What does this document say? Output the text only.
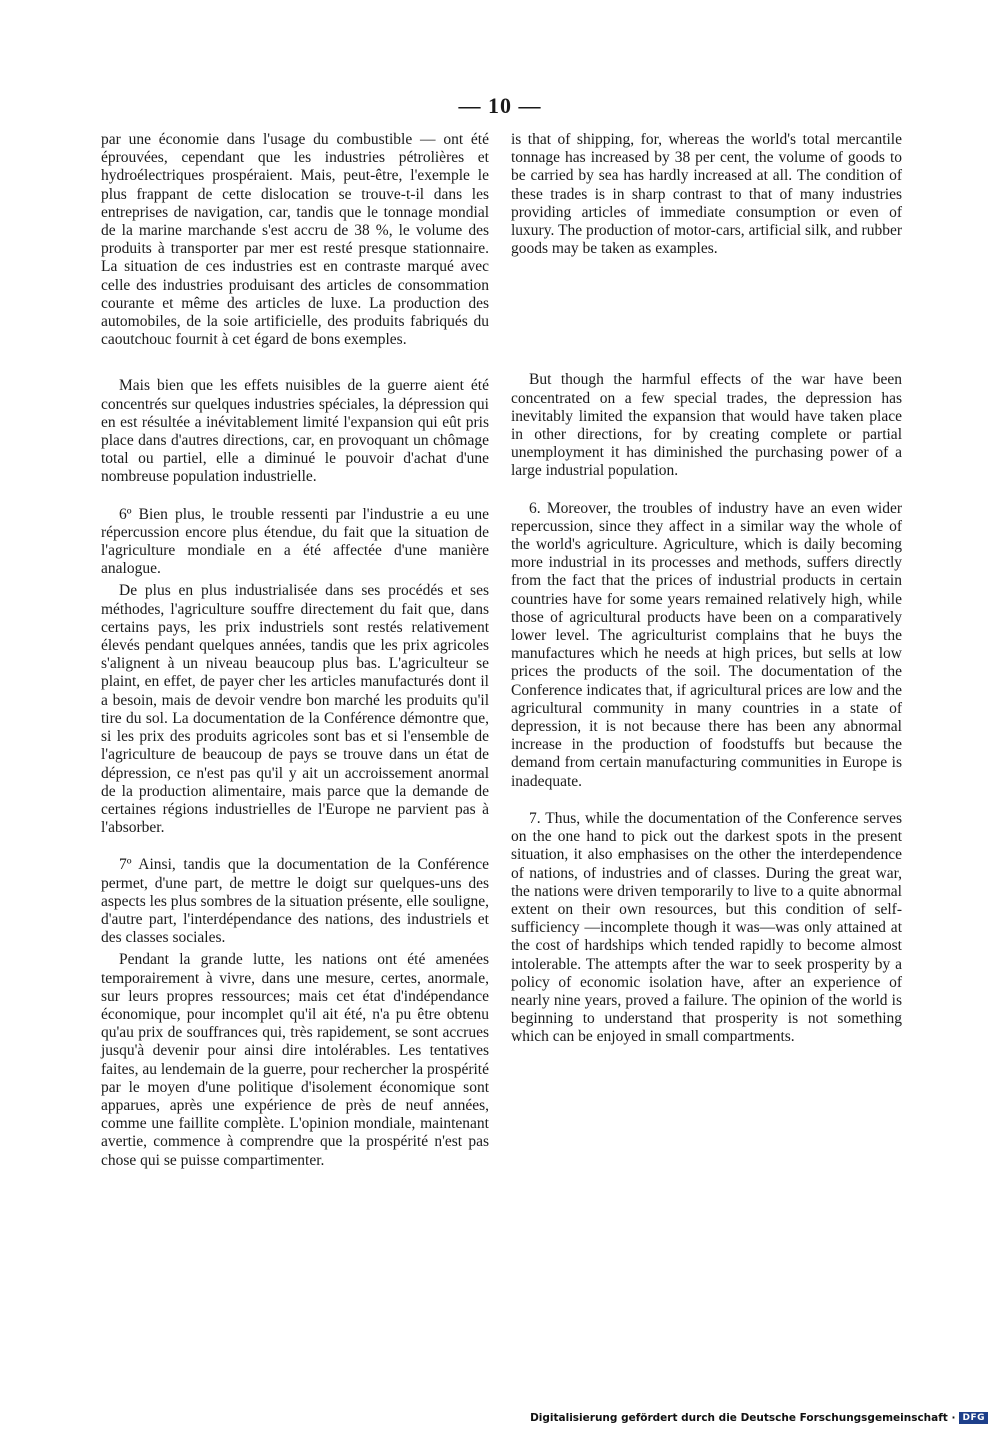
— 10 —

par une économie dans l'usage du combustible — ont été éprouvées, cependant que les industries pétrolières et hydroélectriques prospéraient. Mais, peut-être, l'exemple le plus frappant de cette dislocation se trouve-t-il dans les entreprises de navigation, car, tandis que le tonnage mondial de la marine marchande s'est accru de 38 %, le volume des produits à transporter par mer est resté presque stationnaire. La situation de ces industries est en contraste marqué avec celle des industries produisant des articles de consommation courante et même des articles de luxe. La production des automobiles, de la soie artificielle, des produits fabriqués du caoutchouc fournit à cet égard de bons exemples.

Mais bien que les effets nuisibles de la guerre aient été concentrés sur quelques industries spéciales, la dépression qui en est résultée a inévitablement limité l'expansion qui eût pris place dans d'autres directions, car, en provoquant un chômage total ou partiel, elle a diminué le pouvoir d'achat d'une nombreuse population industrielle.

6º Bien plus, le trouble ressenti par l'industrie a eu une répercussion encore plus étendue, du fait que la situation de l'agriculture mondiale en a été affectée d'une manière analogue.

De plus en plus industrialisée dans ses procédés et ses méthodes, l'agriculture souffre directement du fait que, dans certains pays, les prix industriels sont restés relativement élevés pendant quelques années, tandis que les prix agricoles s'alignent à un niveau beaucoup plus bas. L'agriculteur se plaint, en effet, de payer cher les articles manufacturés dont il a besoin, mais de devoir vendre bon marché les produits qu'il tire du sol. La documentation de la Conférence démontre que, si les prix des produits agricoles sont bas et si l'ensemble de l'agriculture de beaucoup de pays se trouve dans un état de dépression, ce n'est pas qu'il y ait un accroissement anormal de la production alimentaire, mais parce que la demande de certaines régions industrielles de l'Europe ne parvient pas à l'absorber.

7º Ainsi, tandis que la documentation de la Conférence permet, d'une part, de mettre le doigt sur quelques-uns des aspects les plus sombres de la situation présente, elle souligne, d'autre part, l'interdépendance des nations, des industriels et des classes sociales.

Pendant la grande lutte, les nations ont été amenées temporairement à vivre, dans une mesure, certes, anormale, sur leurs propres ressources; mais cet état d'indépendance économique, pour incomplet qu'il ait été, n'a pu être obtenu qu'au prix de souffrances qui, très rapidement, se sont accrues jusqu'à devenir pour ainsi dire intolérables. Les tentatives faites, au lendemain de la guerre, pour rechercher la prospérité par le moyen d'une politique d'isolement économique sont apparues, après une expérience de près de neuf années, comme une faillite complète. L'opinion mondiale, maintenant avertie, commence à comprendre que la prospérité n'est pas chose qui se puisse compartimenter.

is that of shipping, for, whereas the world's total mercantile tonnage has increased by 38 per cent, the volume of goods to be carried by sea has hardly increased at all. The condition of these trades is in sharp contrast to that of many industries providing articles of immediate consumption or even of luxury. The production of motor-cars, artificial silk, and rubber goods may be taken as examples.

But though the harmful effects of the war have been concentrated on a few special trades, the depression has inevitably limited the expansion that would have taken place in other directions, for by creating complete or partial unemployment it has diminished the purchasing power of a large industrial population.

6. Moreover, the troubles of industry have an even wider repercussion, since they affect in a similar way the whole of the world's agriculture. Agriculture, which is daily becoming more industrial in its processes and methods, suffers directly from the fact that the prices of industrial products in certain countries have for some years remained relatively high, while those of agricultural products have been on a comparatively lower level. The agriculturist complains that he buys the manufactures which he needs at high prices, but sells at low prices the products of the soil. The documentation of the Conference indicates that, if agricultural prices are low and the agricultural community in many countries in a state of depression, it is not because there has been any abnormal increase in the production of foodstuffs but because the demand from certain manufacturing communities in Europe is inadequate.

7. Thus, while the documentation of the Conference serves on the one hand to pick out the darkest spots in the present situation, it also emphasises on the other the interdependence of nations, of industries and of classes. During the great war, the nations were driven temporarily to live to a quite abnormal extent on their own resources, but this condition of self-sufficiency —incomplete though it was—was only attained at the cost of hardships which tended rapidly to become almost intolerable. The attempts after the war to seek prosperity by a policy of economic isolation have, after an experience of nearly nine years, proved a failure. The opinion of the world is beginning to understand that prosperity is not something which can be enjoyed in small compartments.

Digitalisierung gefördert durch die Deutsche Forschungsgemeinschaft · DFG
